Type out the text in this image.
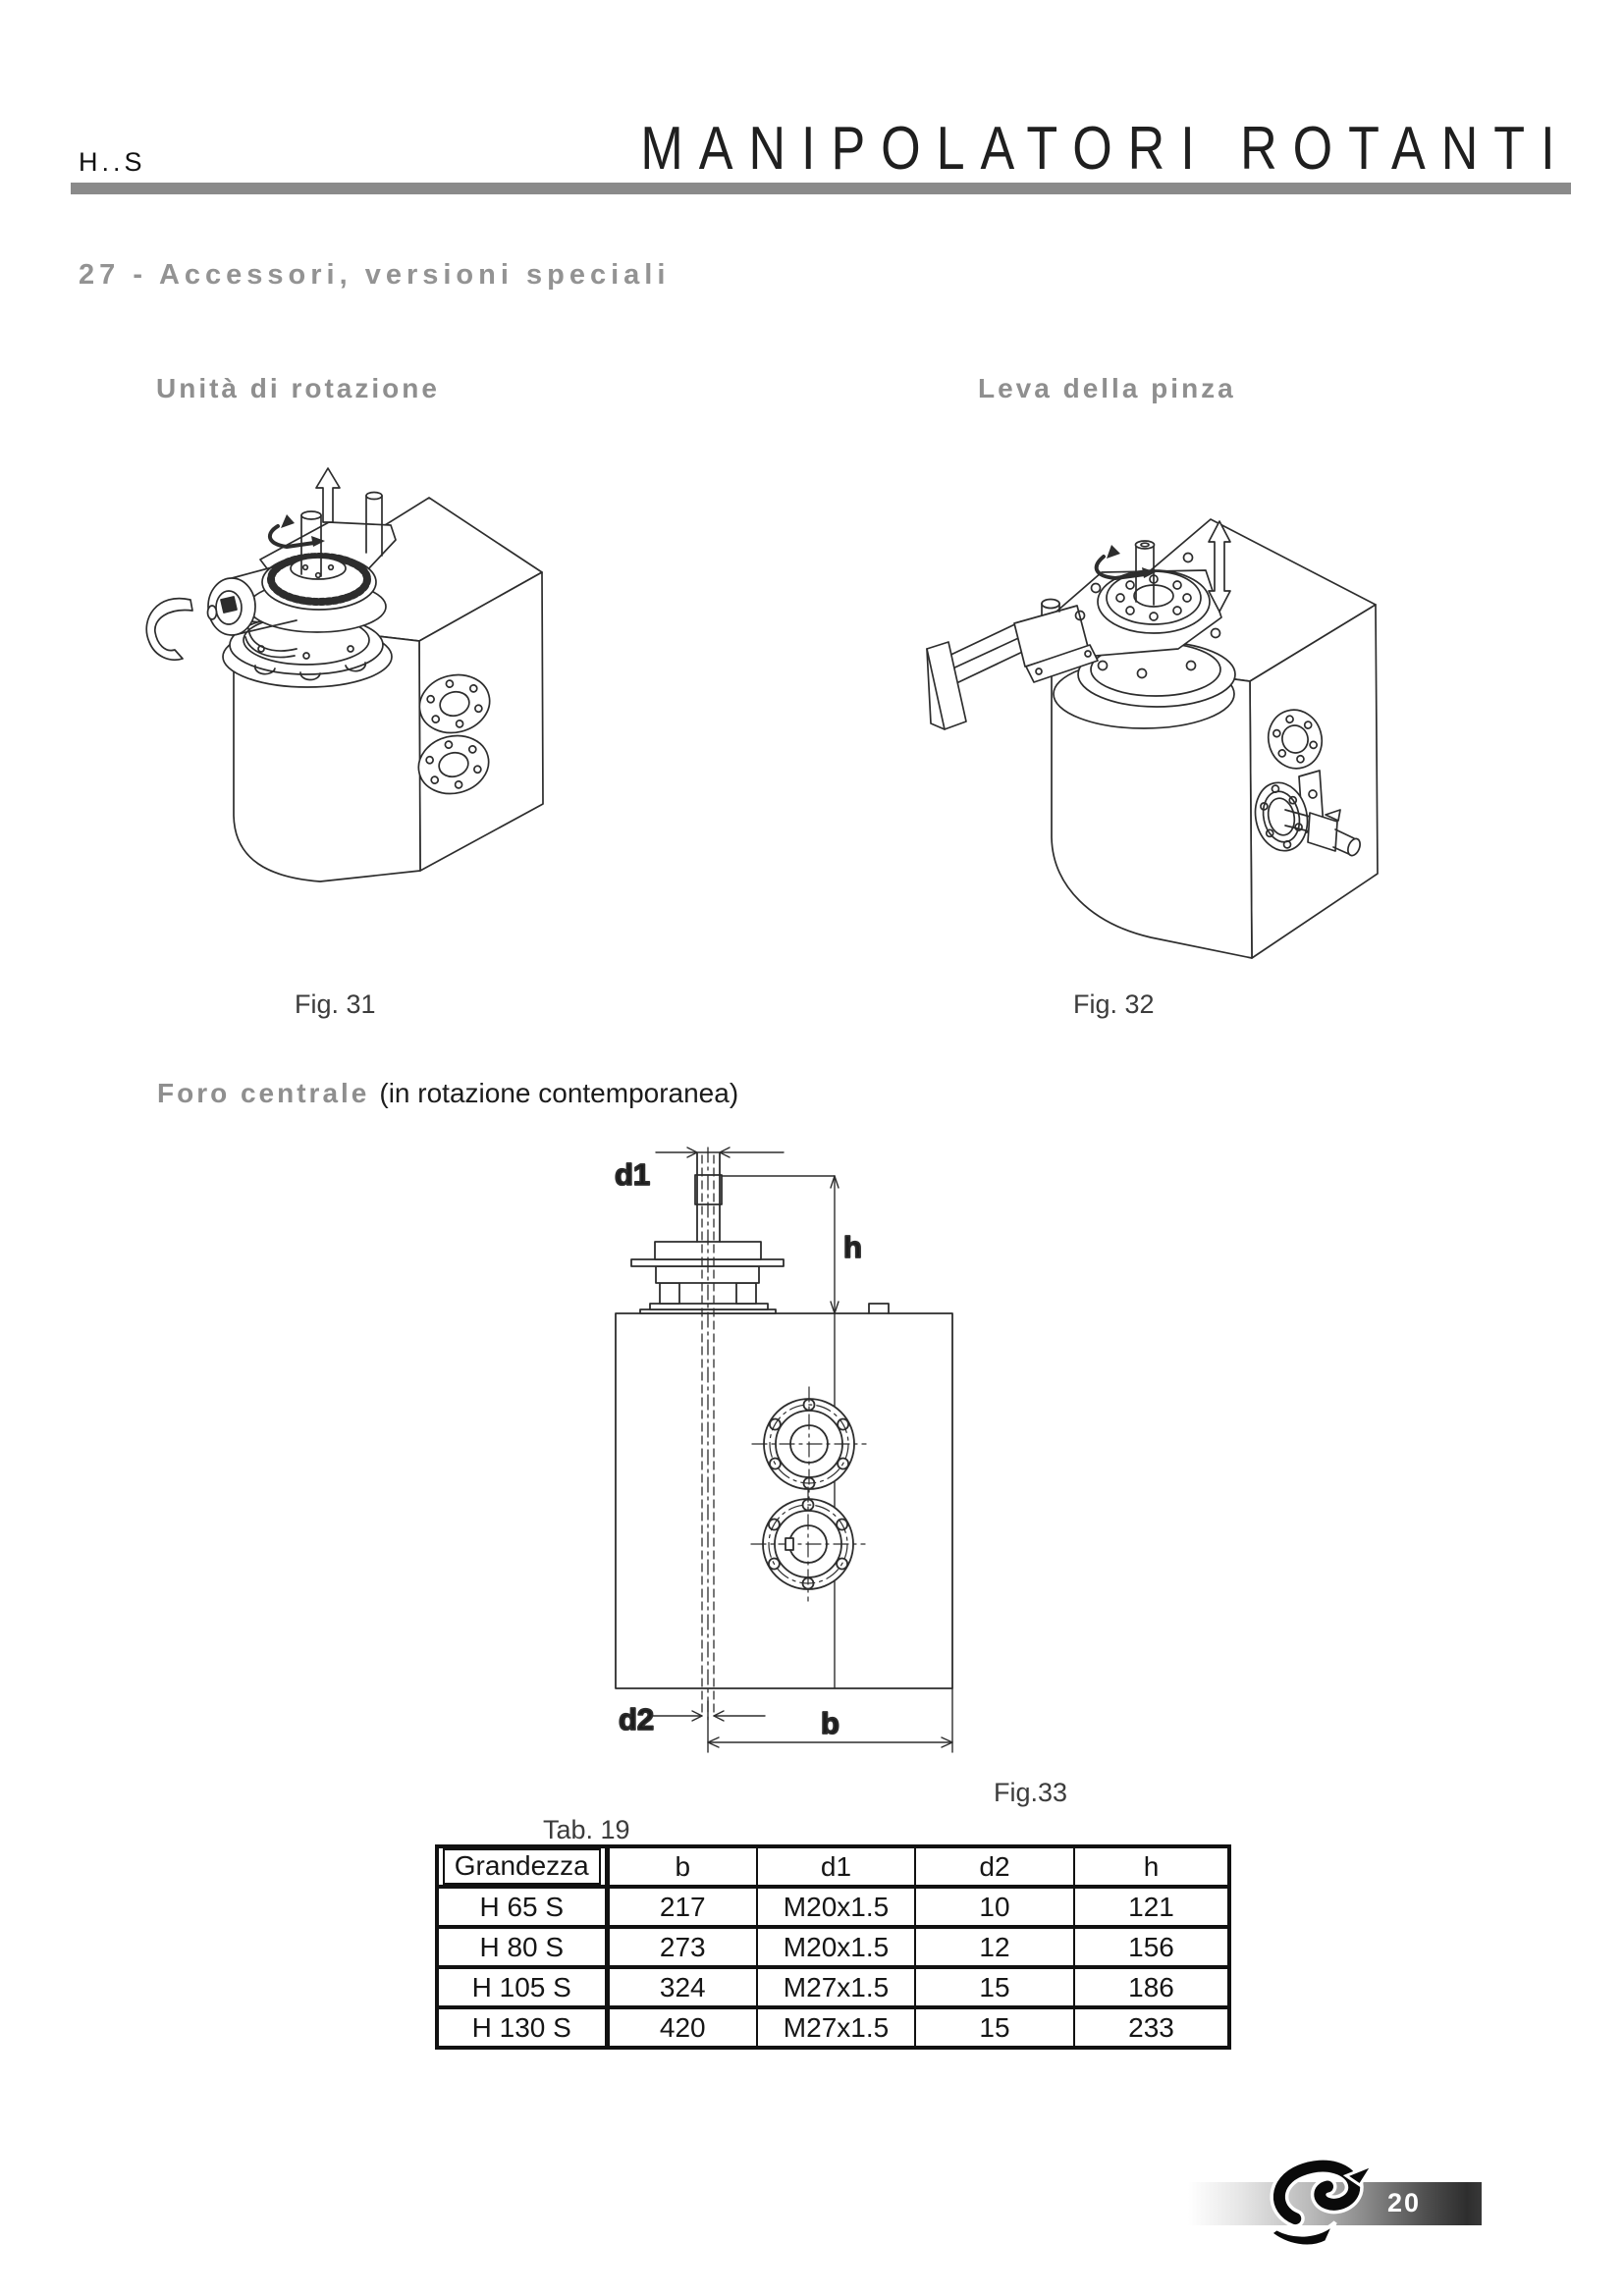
H..S	MANIPOLATORI ROTANTI
27 - Accessori, versioni speciali
Unità di rotazione	Leva della pinza
Foro centrale (in rotazione contemporanea)
d1
h
d2	b
Fig. 31	Fig. 32
Fig.33
Tab. 19
Grandezza	b	d1	d2	h
H 65 S	217	M20x1.5	10	121
H 80 S	273	M20x1.5	12	156
H 105 S	324	M27x1.5	15	186
H 130 S	420	M27x1.5	15	233
20
